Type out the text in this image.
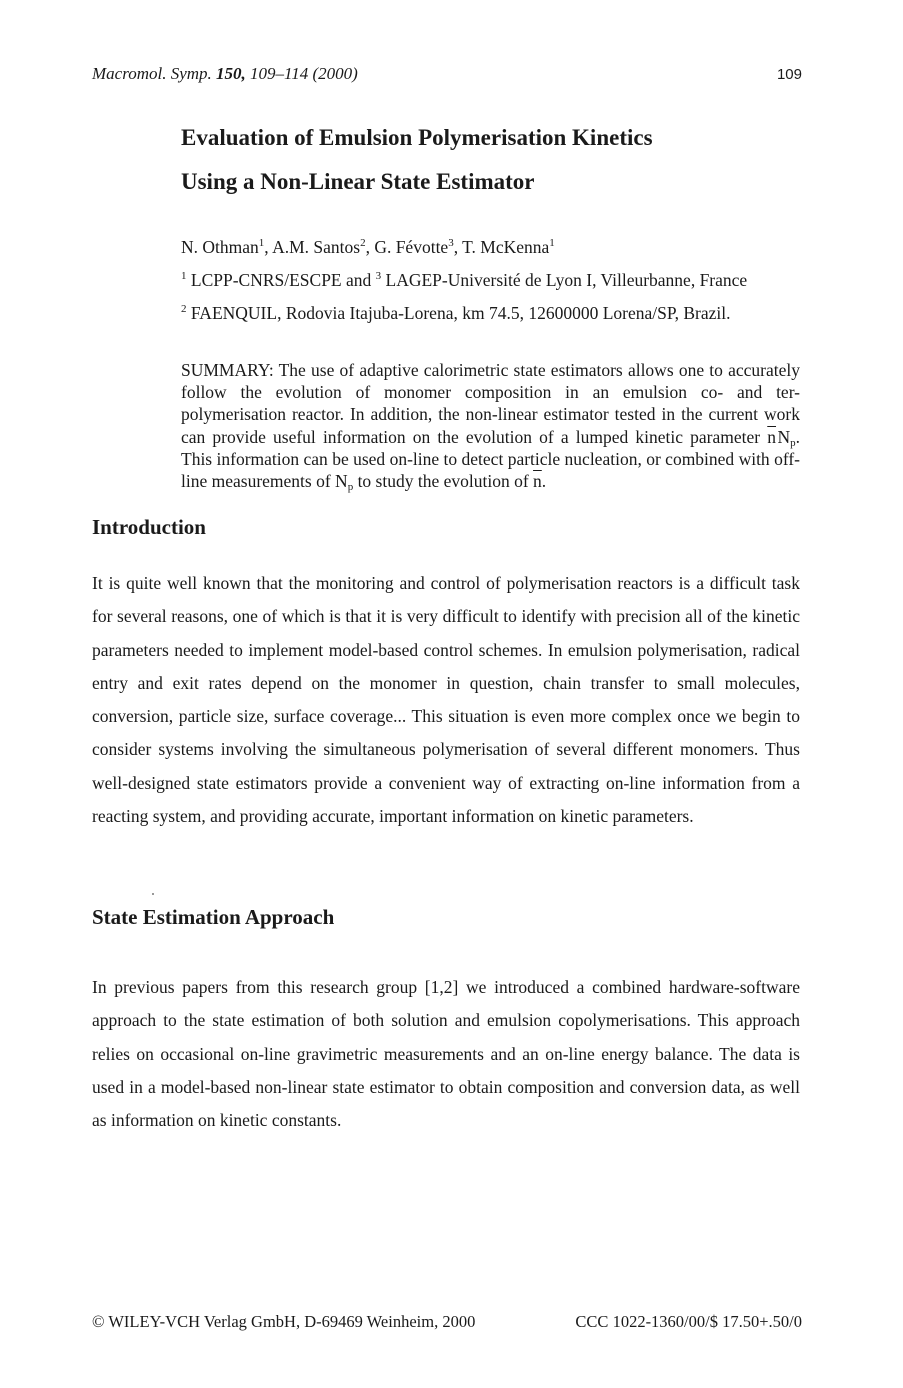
Macromol. Symp. 150, 109–114 (2000)	109
Evaluation of Emulsion Polymerisation Kinetics
Using a Non-Linear State Estimator
N. Othman$^1$, A.M. Santos$^2$, G. Févotte$^3$, T. McKenna$^1$
$^1$ LCPP-CNRS/ESCPE and $^3$ LAGEP-Université de Lyon I, Villeurbanne, France
$^2$ FAENQUIL, Rodovia Itajuba-Lorena, km 74.5, 12600000 Lorena/SP, Brazil.

SUMMARY: The use of adaptive calorimetric state estimators allows one to accurately follow the evolution of monomer composition in an emulsion co- and ter-polymerisation reactor. In addition, the non-linear estimator tested in the current work can provide useful information on the evolution of a lumped kinetic parameter $\overline{n}$ $N_p$. This information can be used on-line to detect particle nucleation, or combined with off-line measurements of $N_p$ to study the evolution of $\overline{n}$.

Introduction

It is quite well known that the monitoring and control of polymerisation reactors is a difficult task for several reasons, one of which is that it is very difficult to identify with precision all of the kinetic parameters needed to implement model-based control schemes. In emulsion polymerisation, radical entry and exit rates depend on the monomer in question, chain transfer to small molecules, conversion, particle size, surface coverage... This situation is even more complex once we begin to consider systems involving the simultaneous polymerisation of several different monomers. Thus well-designed state estimators provide a convenient way of extracting on-line information from a reacting system, and providing accurate, important information on kinetic parameters.

State Estimation Approach

In previous papers from this research group [1,2] we introduced a combined hardware-software approach to the state estimation of both solution and emulsion copolymerisations. This approach relies on occasional on-line gravimetric measurements and an on-line energy balance. The data is used in a model-based non-linear state estimator to obtain composition and conversion data, as well as information on kinetic constants.

© WILEY-VCH Verlag GmbH, D-69469 Weinheim, 2000	CCC 1022-1360/00/$ 17.50+.50/0
